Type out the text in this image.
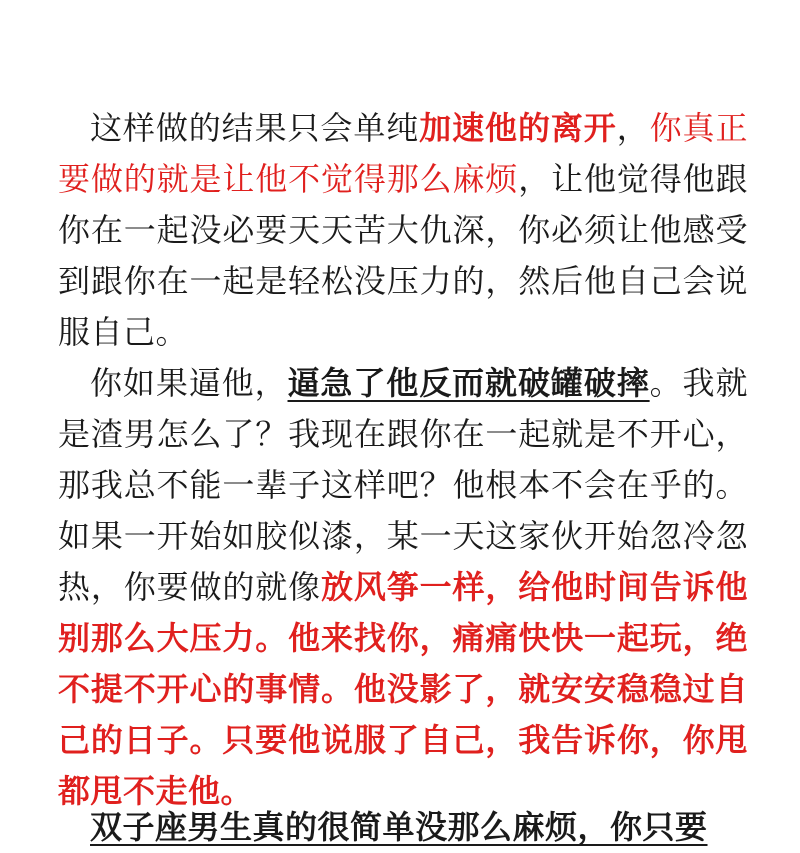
这样做的结果只会单纯加速他的离开，你真正要做的就是让他不觉得那么麻烦，让他觉得他跟你在一起没必要天天苦大仇深，你必须让他感受到跟你在一起是轻松没压力的，然后他自己会说服自己。

你如果逼他，逼急了他反而就破罐破摔。我就是渣男怎么了？我现在跟你在一起就是不开心，那我总不能一辈子这样吧？他根本不会在乎的。如果一开始如胶似漆，某一天这家伙开始忽冷忽热，你要做的就像放风筝一样，给他时间告诉他别那么大压力。他来找你，痛痛快快一起玩，绝不提不开心的事情。他没影了，就安安稳稳过自己的日子。只要他说服了自己，我告诉你，你甩都甩不走他。

双子座男生真的很简单没那么麻烦，你只要
